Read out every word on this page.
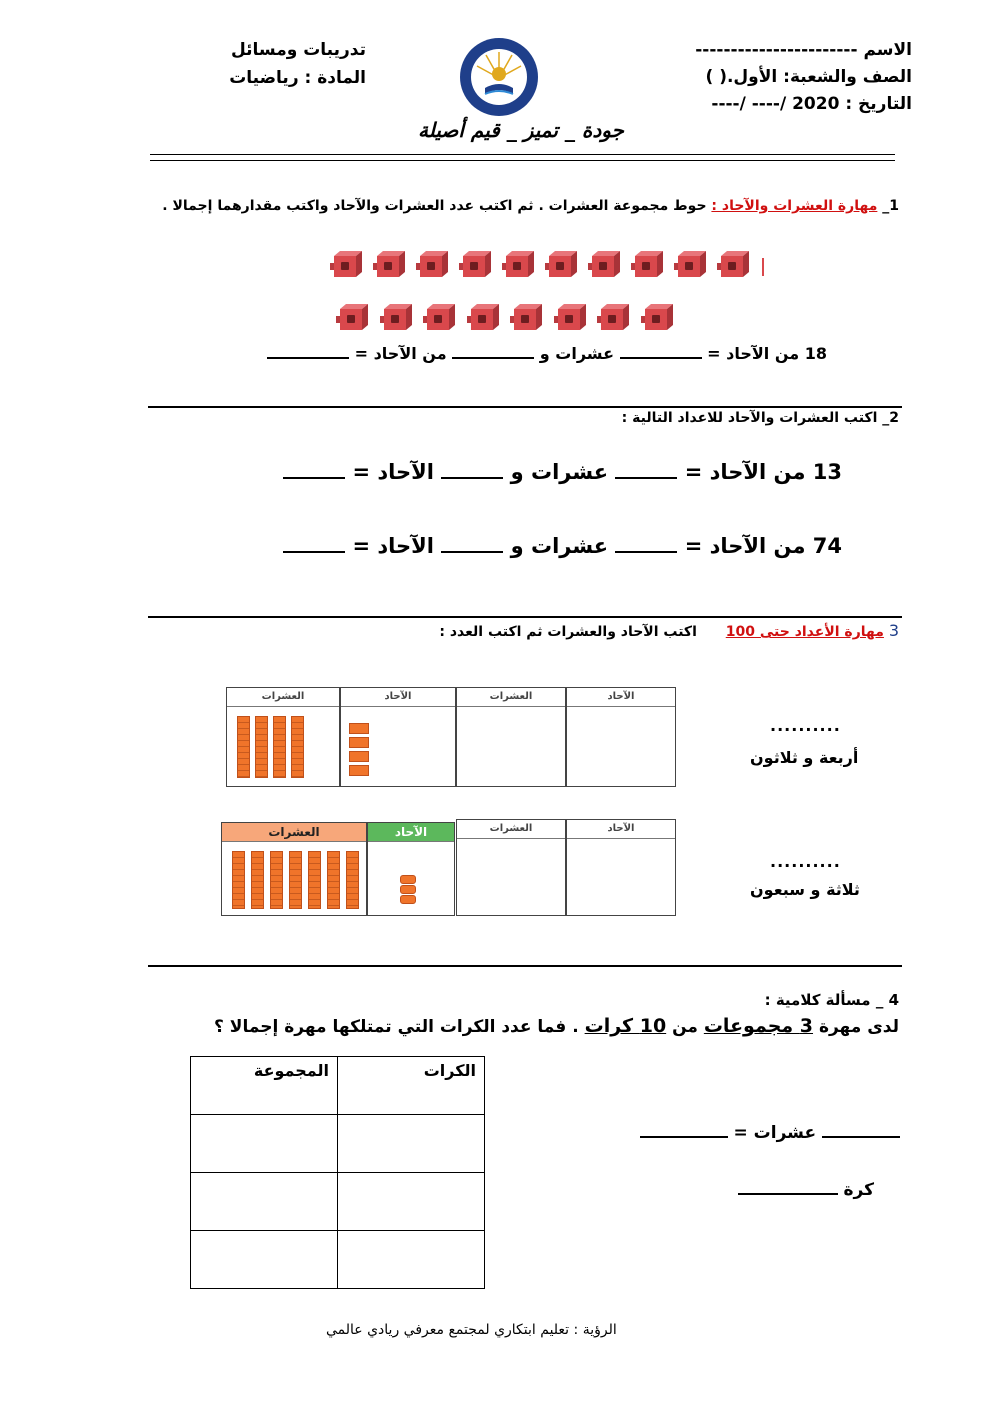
الاسم -----------------------
الصف والشعبة: الأول.( )
التاريخ : ----/ ----/ 2020
تدريبات ومسائل
المادة : رياضيات
جودة _ تميز _ قيم أصيلة
1_ مهارة العشرات والآحاد : حوط مجموعة العشرات . ثم اكتب عدد العشرات والآحاد واكتب مقدارهما إجمالا .
18 من الآحاد =  عشرات و  من الآحاد =
2_ اكتب العشرات والآحاد للاعداد التالية :
13 من الآحاد =  عشرات و  الآحاد =
74 من الآحاد =  عشرات و  الآحاد =
3 مهارة الأعداد حتى 100 اكتب الآحاد والعشرات ثم اكتب العدد :
العشرات	الآحاد	العشرات	الآحاد
..........
أربعة و ثلاثون
العشرات	الآحاد	العشرات	الآحاد
..........
ثلاثة و سبعون
4 _ مسألة كلامية :
لدى مهرة 3 مجموعات من 10 كرات . فما عدد الكرات التي تمتلكها مهرة إجمالا ؟
المجموعة	الكرات

عشرات =
كرة
الرؤية : تعليم ابتكاري لمجتمع معرفي ريادي عالمي
